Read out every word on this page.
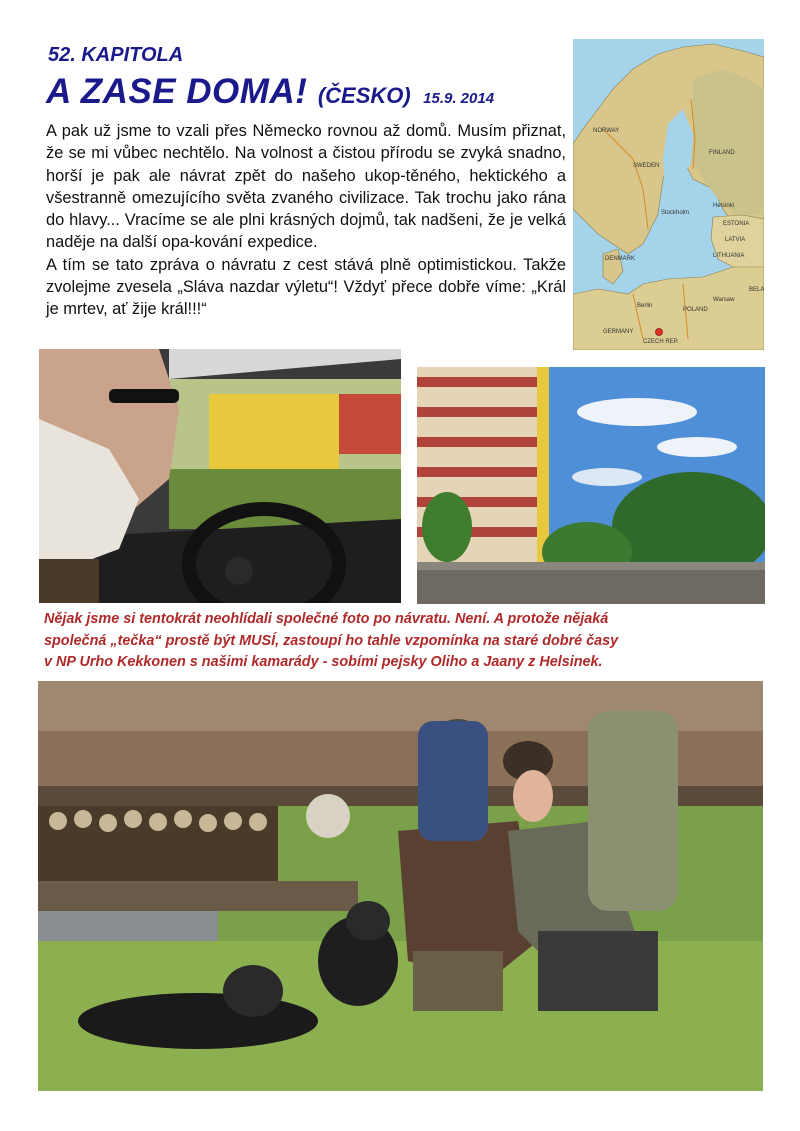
52. KAPITOLA
A ZASE DOMA! (ČESKO) 15.9. 2014

A pak už jsme to vzali přes Německo rovnou až domů. Musím přiznat, že se mi vůbec nechtělo. Na volnost a čistou přírodu se zvyká snadno, horší je pak ale návrat zpět do našeho ukop-těného, hektického a všestranně omezujícího světa zvaného civilizace. Tak trochu jako rána do hlavy... Vracíme se ale plni krásných dojmů, tak nadšeni, že je velká naděje na další opa-kování expedice.

A tím se tato zpráva o návratu z cest stává plně optimistickou. Takže zvolejme zvesela „Sláva nazdar výletu“! Vždyť přece dobře víme: „Král je mrtev, ať žije král!!!“

NORWAY
SWEDEN
FINLAND
ESTONIA
LATVIA
LITHUANIA
DENMARK
POLAND
GERMANY
CZECH REP.
BELA
Stockholm
Helsinki
Warsaw
Berlin

Nějak jsme si tentokrát neohlídali společné foto po návratu. Není. A protože nějaká

společná „tečka“ prostě být MUSÍ, zastoupí ho tahle vzpomínka na staré dobré časy

v NP Urho Kekkonen s našimi kamarády - sobími pejsky Oliho a Jaany z Helsinek.
